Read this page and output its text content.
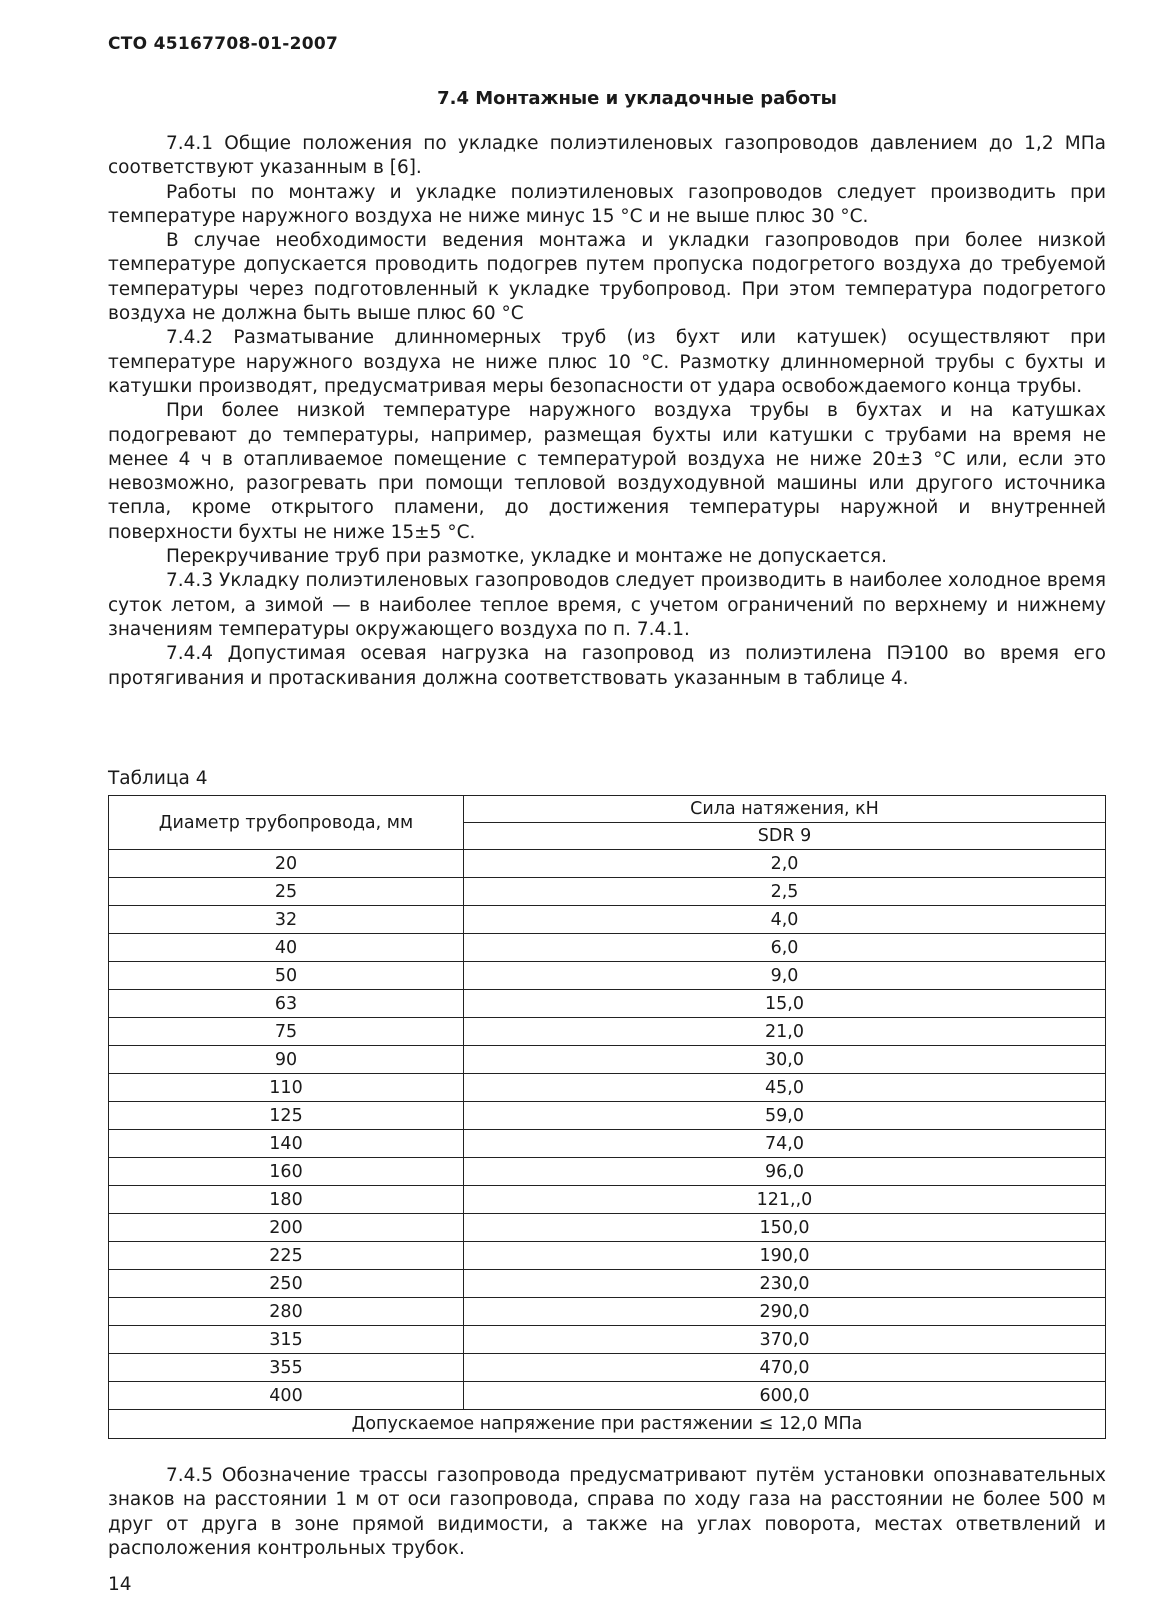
СТО 45167708-01-2007
7.4 Монтажные и укладочные работы

7.4.1 Общие положения по укладке полиэтиленовых газопроводов давлением до 1,2 МПа соответствуют указанным в [6].

Работы по монтажу и укладке полиэтиленовых газопроводов следует производить при температуре наружного воздуха не ниже минус 15 °С и не выше плюс 30 °С.

В случае необходимости ведения монтажа и укладки газопроводов при более низкой температуре допускается проводить подогрев путем пропуска подогретого воздуха до требуемой температуры через подготовленный к укладке трубопровод. При этом температура подогретого воздуха не должна быть выше плюс 60 °С

7.4.2 Разматывание длинномерных труб (из бухт или катушек) осуществляют при температуре наружного воздуха не ниже плюс 10 °С. Размотку длинномерной трубы с бухты и катушки производят, предусматривая меры безопасности от удара освобождаемого конца трубы.

При более низкой температуре наружного воздуха трубы в бухтах и на катушках подогревают до температуры, например, размещая бухты или катушки с трубами на время не менее 4 ч в отапливаемое помещение с температурой воздуха не ниже 20±3 °С или, если это невозможно, разогревать при помощи тепловой воздуходувной машины или другого источника тепла, кроме открытого пламени, до достижения температуры наружной и внутренней поверхности бухты не ниже 15±5 °С.

Перекручивание труб при размотке, укладке и монтаже не допускается.

7.4.3 Укладку полиэтиленовых газопроводов следует производить в наиболее холодное время суток летом, а зимой — в наиболее теплое время, с учетом ограничений по верхнему и нижнему значениям температуры окружающего воздуха по п. 7.4.1.

7.4.4 Допустимая осевая нагрузка на газопровод из полиэтилена ПЭ100 во время его протягивания и протаскивания должна соответствовать указанным в таблице 4.

Таблица 4
Диаметр трубопровода, мм	Сила натяжения, кН
	SDR 9
20	2,0
25	2,5
32	4,0
40	6,0
50	9,0
63	15,0
75	21,0
90	30,0
110	45,0
125	59,0
140	74,0
160	96,0
180	121,,0
200	150,0
225	190,0
250	230,0
280	290,0
315	370,0
355	470,0
400	600,0
Допускаемое напряжение при растяжении ≤ 12,0 МПа	

7.4.5 Обозначение трассы газопровода предусматривают путём установки опознавательных знаков на расстоянии 1 м от оси газопровода, справа по ходу газа на расстоянии не более 500 м друг от друга в зоне прямой видимости, а также на углах поворота, местах ответвлений и расположения контрольных трубок.

14
